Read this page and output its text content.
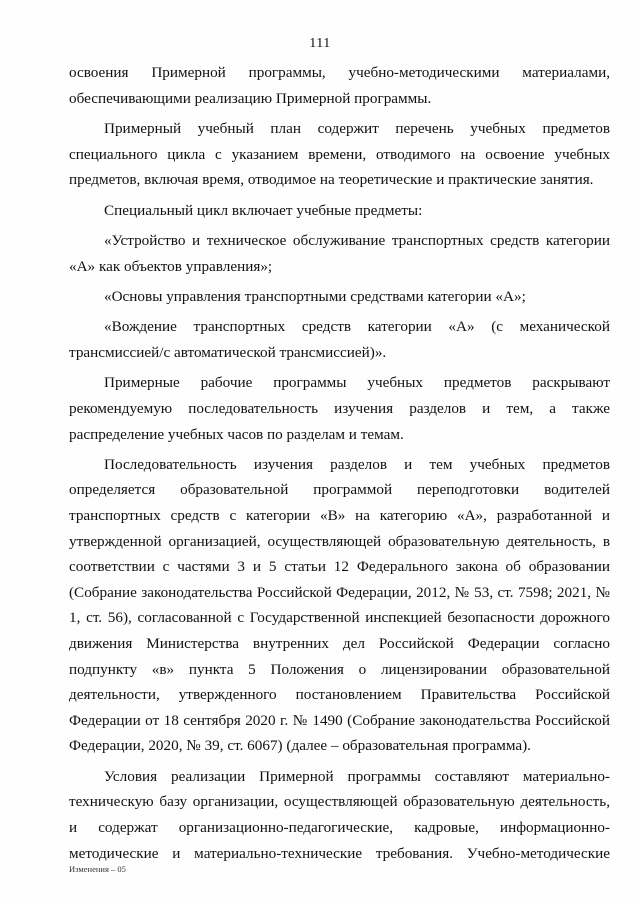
111

освоения Примерной программы, учебно-методическими материалами, обеспечивающими реализацию Примерной программы.

Примерный учебный план содержит перечень учебных предметов специального цикла с указанием времени, отводимого на освоение учебных предметов, включая время, отводимое на теоретические и практические занятия.

Специальный цикл включает учебные предметы:

«Устройство и техническое обслуживание транспортных средств категории «А» как объектов управления»;

«Основы управления транспортными средствами категории «А»;

«Вождение транспортных средств категории «А» (с механической трансмиссией/с автоматической трансмиссией)».

Примерные рабочие программы учебных предметов раскрывают рекомендуемую последовательность изучения разделов и тем, а также распределение учебных часов по разделам и темам.

Последовательность изучения разделов и тем учебных предметов определяется образовательной программой переподготовки водителей транспортных средств с категории «В» на категорию «А», разработанной и утвержденной организацией, осуществляющей образовательную деятельность, в соответствии с частями 3 и 5 статьи 12 Федерального закона об образовании (Собрание законодательства Российской Федерации, 2012, № 53, ст. 7598; 2021, № 1, ст. 56), согласованной с Государственной инспекцией безопасности дорожного движения Министерства внутренних дел Российской Федерации согласно подпункту «в» пункта 5 Положения о лицензировании образовательной деятельности, утвержденного постановлением Правительства Российской Федерации от 18 сентября 2020 г. № 1490 (Собрание законодательства Российской Федерации, 2020, № 39, ст. 6067) (далее – образовательная программа).

Условия реализации Примерной программы составляют материально-техническую базу организации, осуществляющей образовательную деятельность, и содержат организационно-педагогические, кадровые, информационно-методические и материально-технические требования. Учебно-методические

Изменения – 05
